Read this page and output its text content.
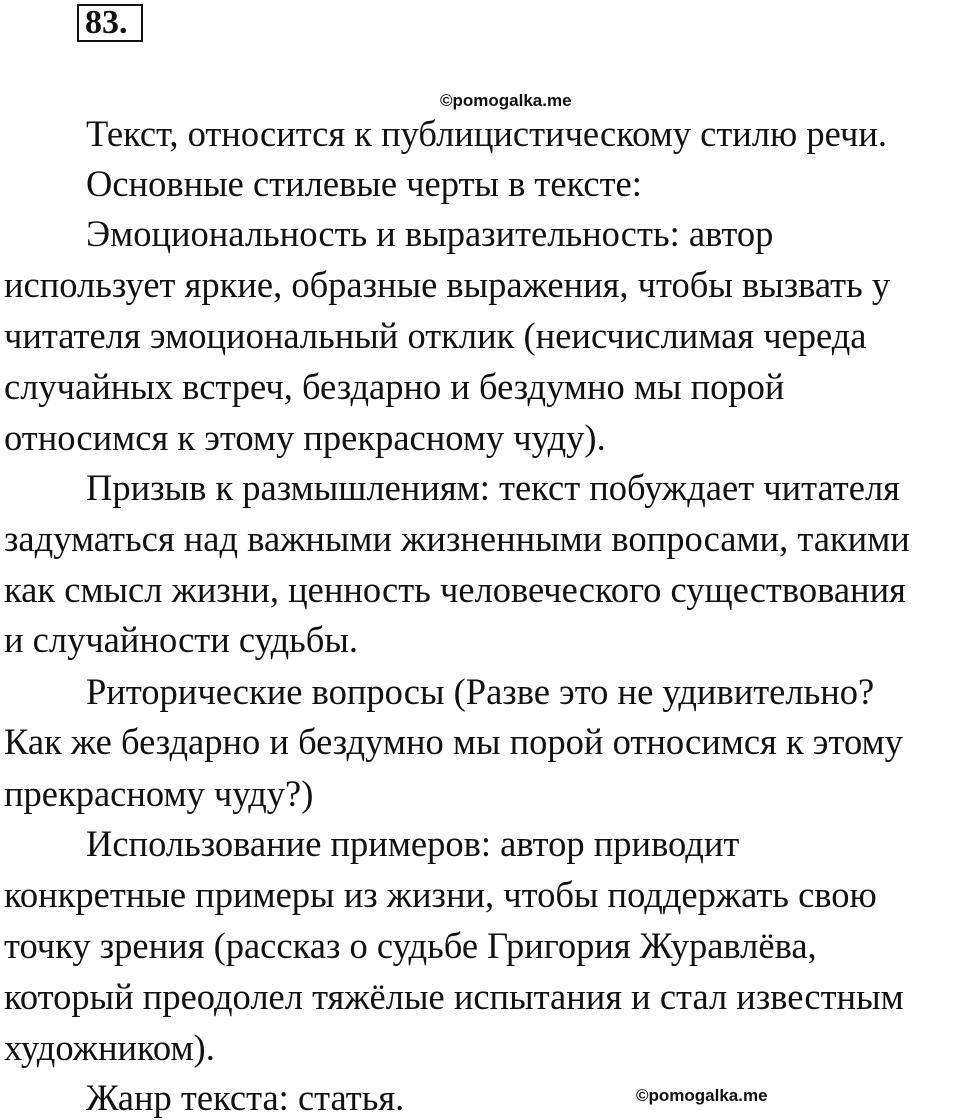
83.
©pomogalka.me
Текст, относится к публицистическому стилю речи.
Основные стилевые черты в тексте:
Эмоциональность и выразительность: автор
использует яркие, образные выражения, чтобы вызвать у
читателя эмоциональный отклик (неисчислимая череда
случайных встреч, бездарно и бездумно мы порой
относимся к этому прекрасному чуду).
Призыв к размышлениям: текст побуждает читателя
задуматься над важными жизненными вопросами, такими
как смысл жизни, ценность человеческого существования
и случайности судьбы.
Риторические вопросы (Разве это не удивительно?
Как же бездарно и бездумно мы порой относимся к этому
прекрасному чуду?)
Использование примеров: автор приводит
конкретные примеры из жизни, чтобы поддержать свою
точку зрения (рассказ о судьбе Григория Журавлёва,
который преодолел тяжёлые испытания и стал известным
художником).
Жанр текста: статья.	©pomogalka.me
